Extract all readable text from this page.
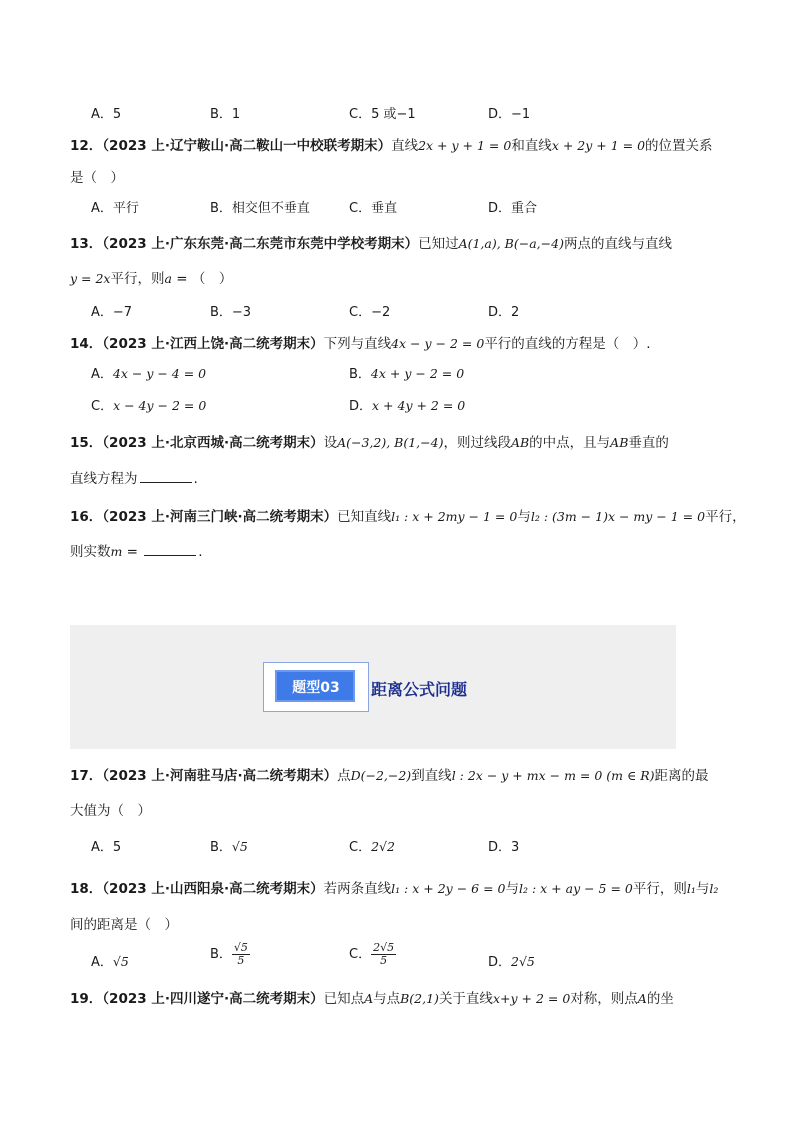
A．5	B．1	C．5 或−1	D．−1
12．（2023 上·辽宁鞍山·高二鞍山一中校联考期末）直线2x + y + 1 = 0和直线x + 2y + 1 = 0的位置关系
是（　）
A．平行	B．相交但不垂直	C．垂直	D．重合
13．（2023 上·广东东莞·高二东莞市东莞中学校考期末）已知过A(1,a), B(−a,−4)两点的直线与直线
y = 2x平行，则a = （　）
A．−7	B．−3	C．−2	D．2
14．（2023 上·江西上饶·高二统考期末）下列与直线4x − y − 2 = 0平行的直线的方程是（　）.
A．4x − y − 4 = 0	B．4x + y − 2 = 0
C．x − 4y − 2 = 0	D．x + 4y + 2 = 0
15．（2023 上·北京西城·高二统考期末）设A(−3,2), B(1,−4)，则过线段AB的中点，且与AB垂直的
直线方程为	.
16．（2023 上·河南三门峡·高二统考期末）已知直线l₁ : x + 2my − 1 = 0与l₂ : (3m − 1)x − my − 1 = 0平行，
则实数m =	.
题型03	距离公式问题
17．（2023 上·河南驻马店·高二统考期末）点D(−2,−2)到直线l : 2x − y + mx − m = 0 (m ∈ R)距离的最
大值为（　）
A．5	B．√5	C．2√2	D．3
18．（2023 上·山西阳泉·高二统考期末）若两条直线l₁ : x + 2y − 6 = 0与l₂ : x + ay − 5 = 0平行，则l₁与l₂
间的距离是（　）
A．√5	B． $\frac{√5}{5}$	C． $\frac{2√5}{5}$	D．2√5
19．（2023 上·四川遂宁·高二统考期末）已知点A与点B(2,1)关于直线x+y + 2 = 0对称，则点A的坐
